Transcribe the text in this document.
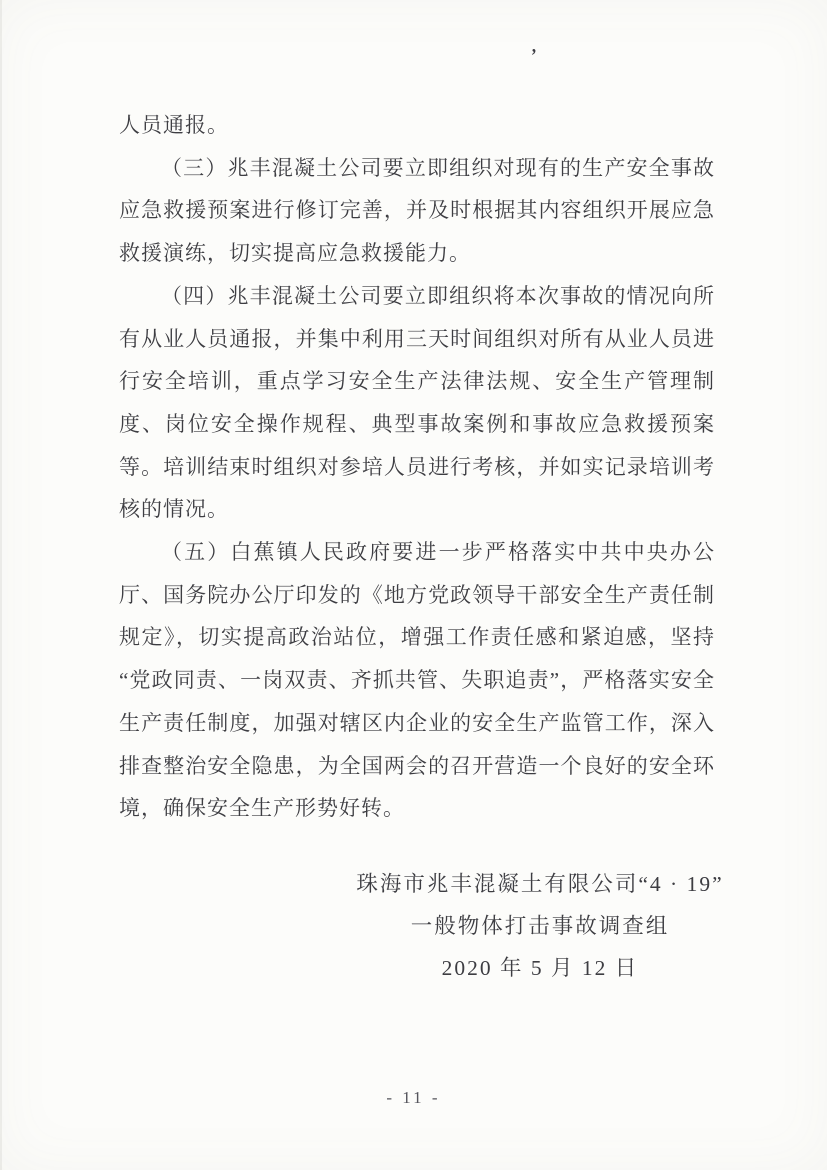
’

人员通报。

（三）兆丰混凝土公司要立即组织对现有的生产安全事故应急救援预案进行修订完善，并及时根据其内容组织开展应急救援演练，切实提高应急救援能力。

（四）兆丰混凝土公司要立即组织将本次事故的情况向所有从业人员通报，并集中利用三天时间组织对所有从业人员进行安全培训，重点学习安全生产法律法规、安全生产管理制度、岗位安全操作规程、典型事故案例和事故应急救援预案等。培训结束时组织对参培人员进行考核，并如实记录培训考核的情况。

（五）白蕉镇人民政府要进一步严格落实中共中央办公厅、国务院办公厅印发的《地方党政领导干部安全生产责任制规定》，切实提高政治站位，增强工作责任感和紧迫感，坚持“党政同责、一岗双责、齐抓共管、失职追责”，严格落实安全生产责任制度，加强对辖区内企业的安全生产监管工作，深入排查整治安全隐患，为全国两会的召开营造一个良好的安全环境，确保安全生产形势好转。

珠海市兆丰混凝土有限公司“4 · 19”

一般物体打击事故调查组

2020 年 5 月 12 日

- 11 -
